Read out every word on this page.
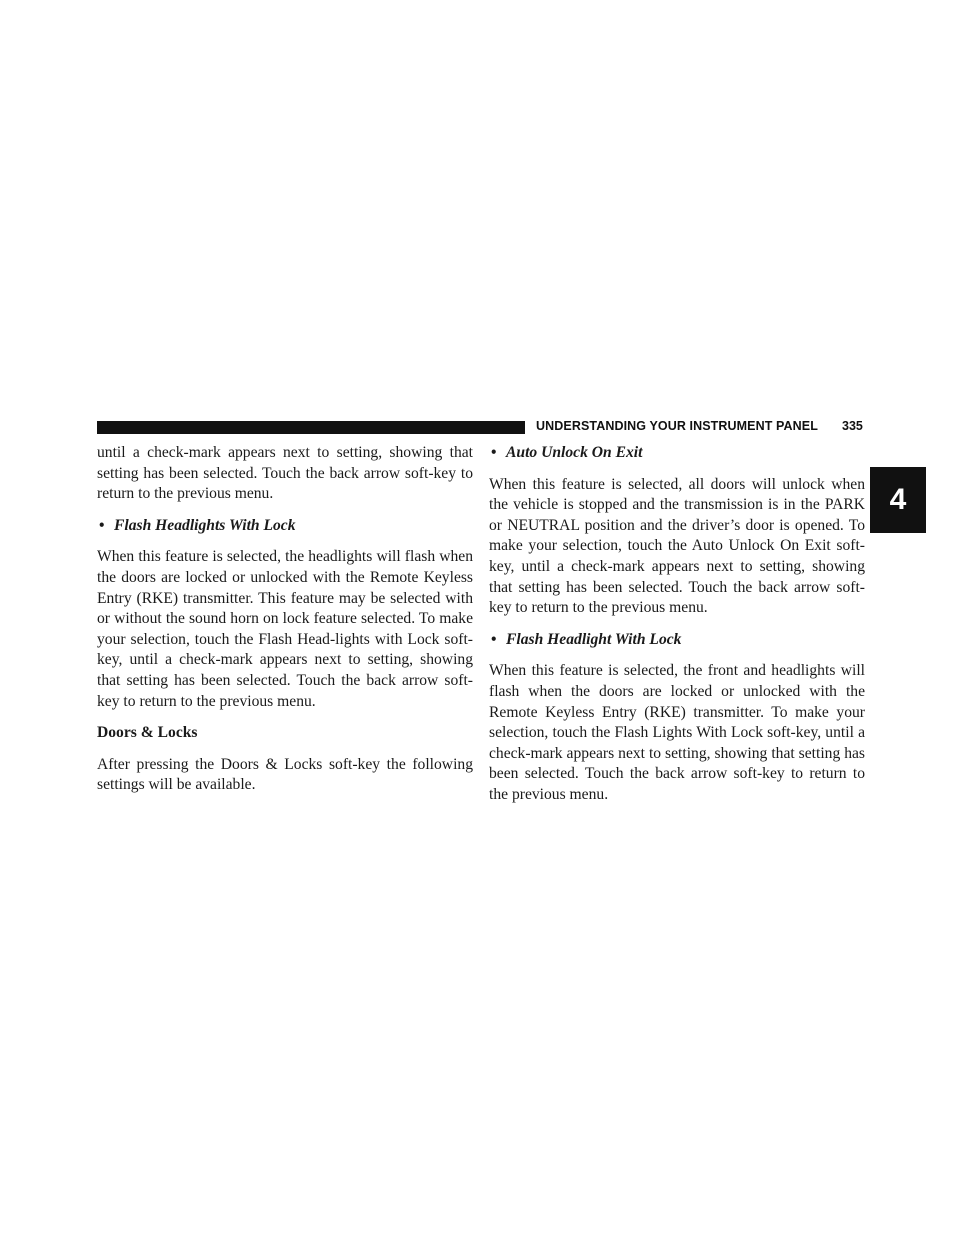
UNDERSTANDING YOUR INSTRUMENT PANEL 335
4

until a check-mark appears next to setting, showing that setting has been selected. Touch the back arrow soft-key to return to the previous menu.

• Flash Headlights With Lock

When this feature is selected, the headlights will flash when the doors are locked or unlocked with the Remote Keyless Entry (RKE) transmitter. This feature may be selected with or without the sound horn on lock feature selected. To make your selection, touch the Flash Head-lights with Lock soft-key, until a check-mark appears next to setting, showing that setting has been selected. Touch the back arrow soft-key to return to the previous menu.

Doors & Locks

After pressing the Doors & Locks soft-key the following settings will be available.

• Auto Unlock On Exit

When this feature is selected, all doors will unlock when the vehicle is stopped and the transmission is in the PARK or NEUTRAL position and the driver’s door is opened. To make your selection, touch the Auto Unlock On Exit soft-key, until a check-mark appears next to setting, showing that setting has been selected. Touch the back arrow soft-key to return to the previous menu.

• Flash Headlight With Lock

When this feature is selected, the front and headlights will flash when the doors are locked or unlocked with the Remote Keyless Entry (RKE) transmitter. To make your selection, touch the Flash Lights With Lock soft-key, until a check-mark appears next to setting, showing that setting has been selected. Touch the back arrow soft-key to return to the previous menu.
